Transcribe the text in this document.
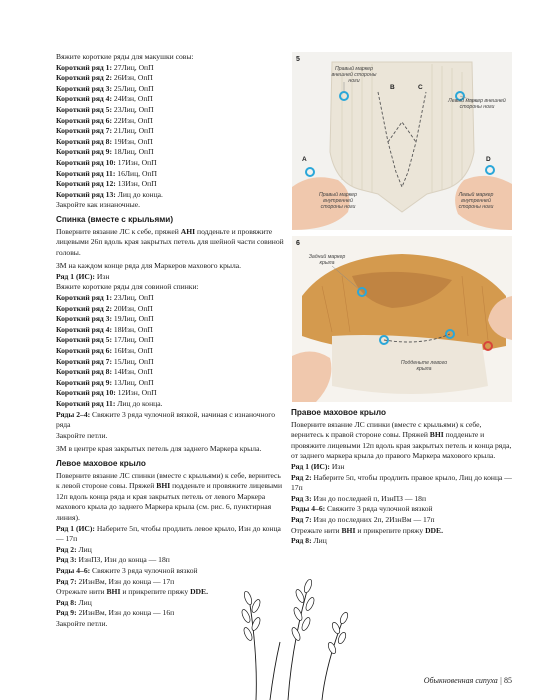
Вяжите короткие ряды для макушки совы:
Короткий ряд 1: 27Лиц, ОпП
Короткий ряд 2: 26Изн, ОпП
Короткий ряд 3: 25Лиц, ОпП
Короткий ряд 4: 24Изн, ОпП
Короткий ряд 5: 23Лиц, ОпП
Короткий ряд 6: 22Изн, ОпП
Короткий ряд 7: 21Лиц, ОпП
Короткий ряд 8: 19Изн, ОпП
Короткий ряд 9: 18Лиц, ОпП
Короткий ряд 10: 17Изн, ОпП
Короткий ряд 11: 16Лиц, ОпП
Короткий ряд 12: 13Изн, ОпП
Короткий ряд 13: Лиц до конца.
Закройте как изнаночные.
Спинка (вместе с крыльями)
Поверните вязание ЛС к себе, пряжей AHI подденьте и провяжите лицевыми 26п вдоль края закрытых петель для шейной части совиной головы.
ЗМ на каждом конце ряда для Маркеров махового крыла.
Ряд 1 (ИС): Изн
Вяжите короткие ряды для совиной спинки:
Короткий ряд 1: 23Лиц, ОпП
Короткий ряд 2: 20Изн, ОпП
Короткий ряд 3: 19Лиц, ОпП
Короткий ряд 4: 18Изн, ОпП
Короткий ряд 5: 17Лиц, ОпП
Короткий ряд 6: 16Изн, ОпП
Короткий ряд 7: 15Лиц, ОпП
Короткий ряд 8: 14Изн, ОпП
Короткий ряд 9: 13Лиц, ОпП
Короткий ряд 10: 12Изн, ОпП
Короткий ряд 11: Лиц до конца.
Ряды 2–4: Свяжите 3 ряда чулочной вязкой, начиная с изнаночного ряда
Закройте петли.
ЗМ в центре края закрытых петель для заднего Маркера крыла.
Левое маховое крыло
Поверните вязание ЛС спинки (вместе с крыльями) к себе, вернитесь к левой стороне совы. Пряжей BHI подденьте и провяжите лицевыми 12п вдоль конца ряда и края закрытых петель от левого Маркера махового крыла до заднего Маркера крыла (см. рис. 6, пунктирная линия).
Ряд 1 (ИС): Наберите 5п, чтобы продлить левое крыло, Изн до конца — 17п
Ряд 2: Лиц
Ряд 3: ИзнПЗ, Изн до конца — 18п
Ряды 4–6: Свяжите 3 ряда чулочной вязкой
Ряд 7: 2ИзнВм, Изн до конца — 17п
Отрежьте нити BHI и прикрепите пряжу DDE.
Ряд 8: Лиц
Ряд 9: 2ИзнВм, Изн до конца — 16п
Закройте петли.
5
Правый маркер внешней стороны ноги
Левый маркер внешней стороны ноги
Правый маркер внутренней стороны ноги
Левый маркер внутренней стороны ноги
A
B	C
D
6
Задний маркер крыла
Подденьте левого крыла
Правое маховое крыло
Поверните вязание ЛС спинки (вместе с крыльями) к себе, вернитесь к правой стороне совы. Пряжей BHI подденьте и провяжите лицевыми 12п вдоль края закрытых петель и конца ряда, от заднего маркера крыла до правого Маркера махового крыла.
Ряд 1 (ИС): Изн
Ряд 2: Наберите 5п, чтобы продлить правое крыло, Лиц до конца — 17п
Ряд 3: Изн до последней п, ИзнПЗ — 18п
Ряды 4–6: Свяжите 3 ряда чулочной вязкой
Ряд 7: Изн до последних 2п, 2ИзнВм — 17п
Отрежьте нити BHI и прикрепите пряжу DDE.
Ряд 8: Лиц
Обыкновенная сипуха | 85
